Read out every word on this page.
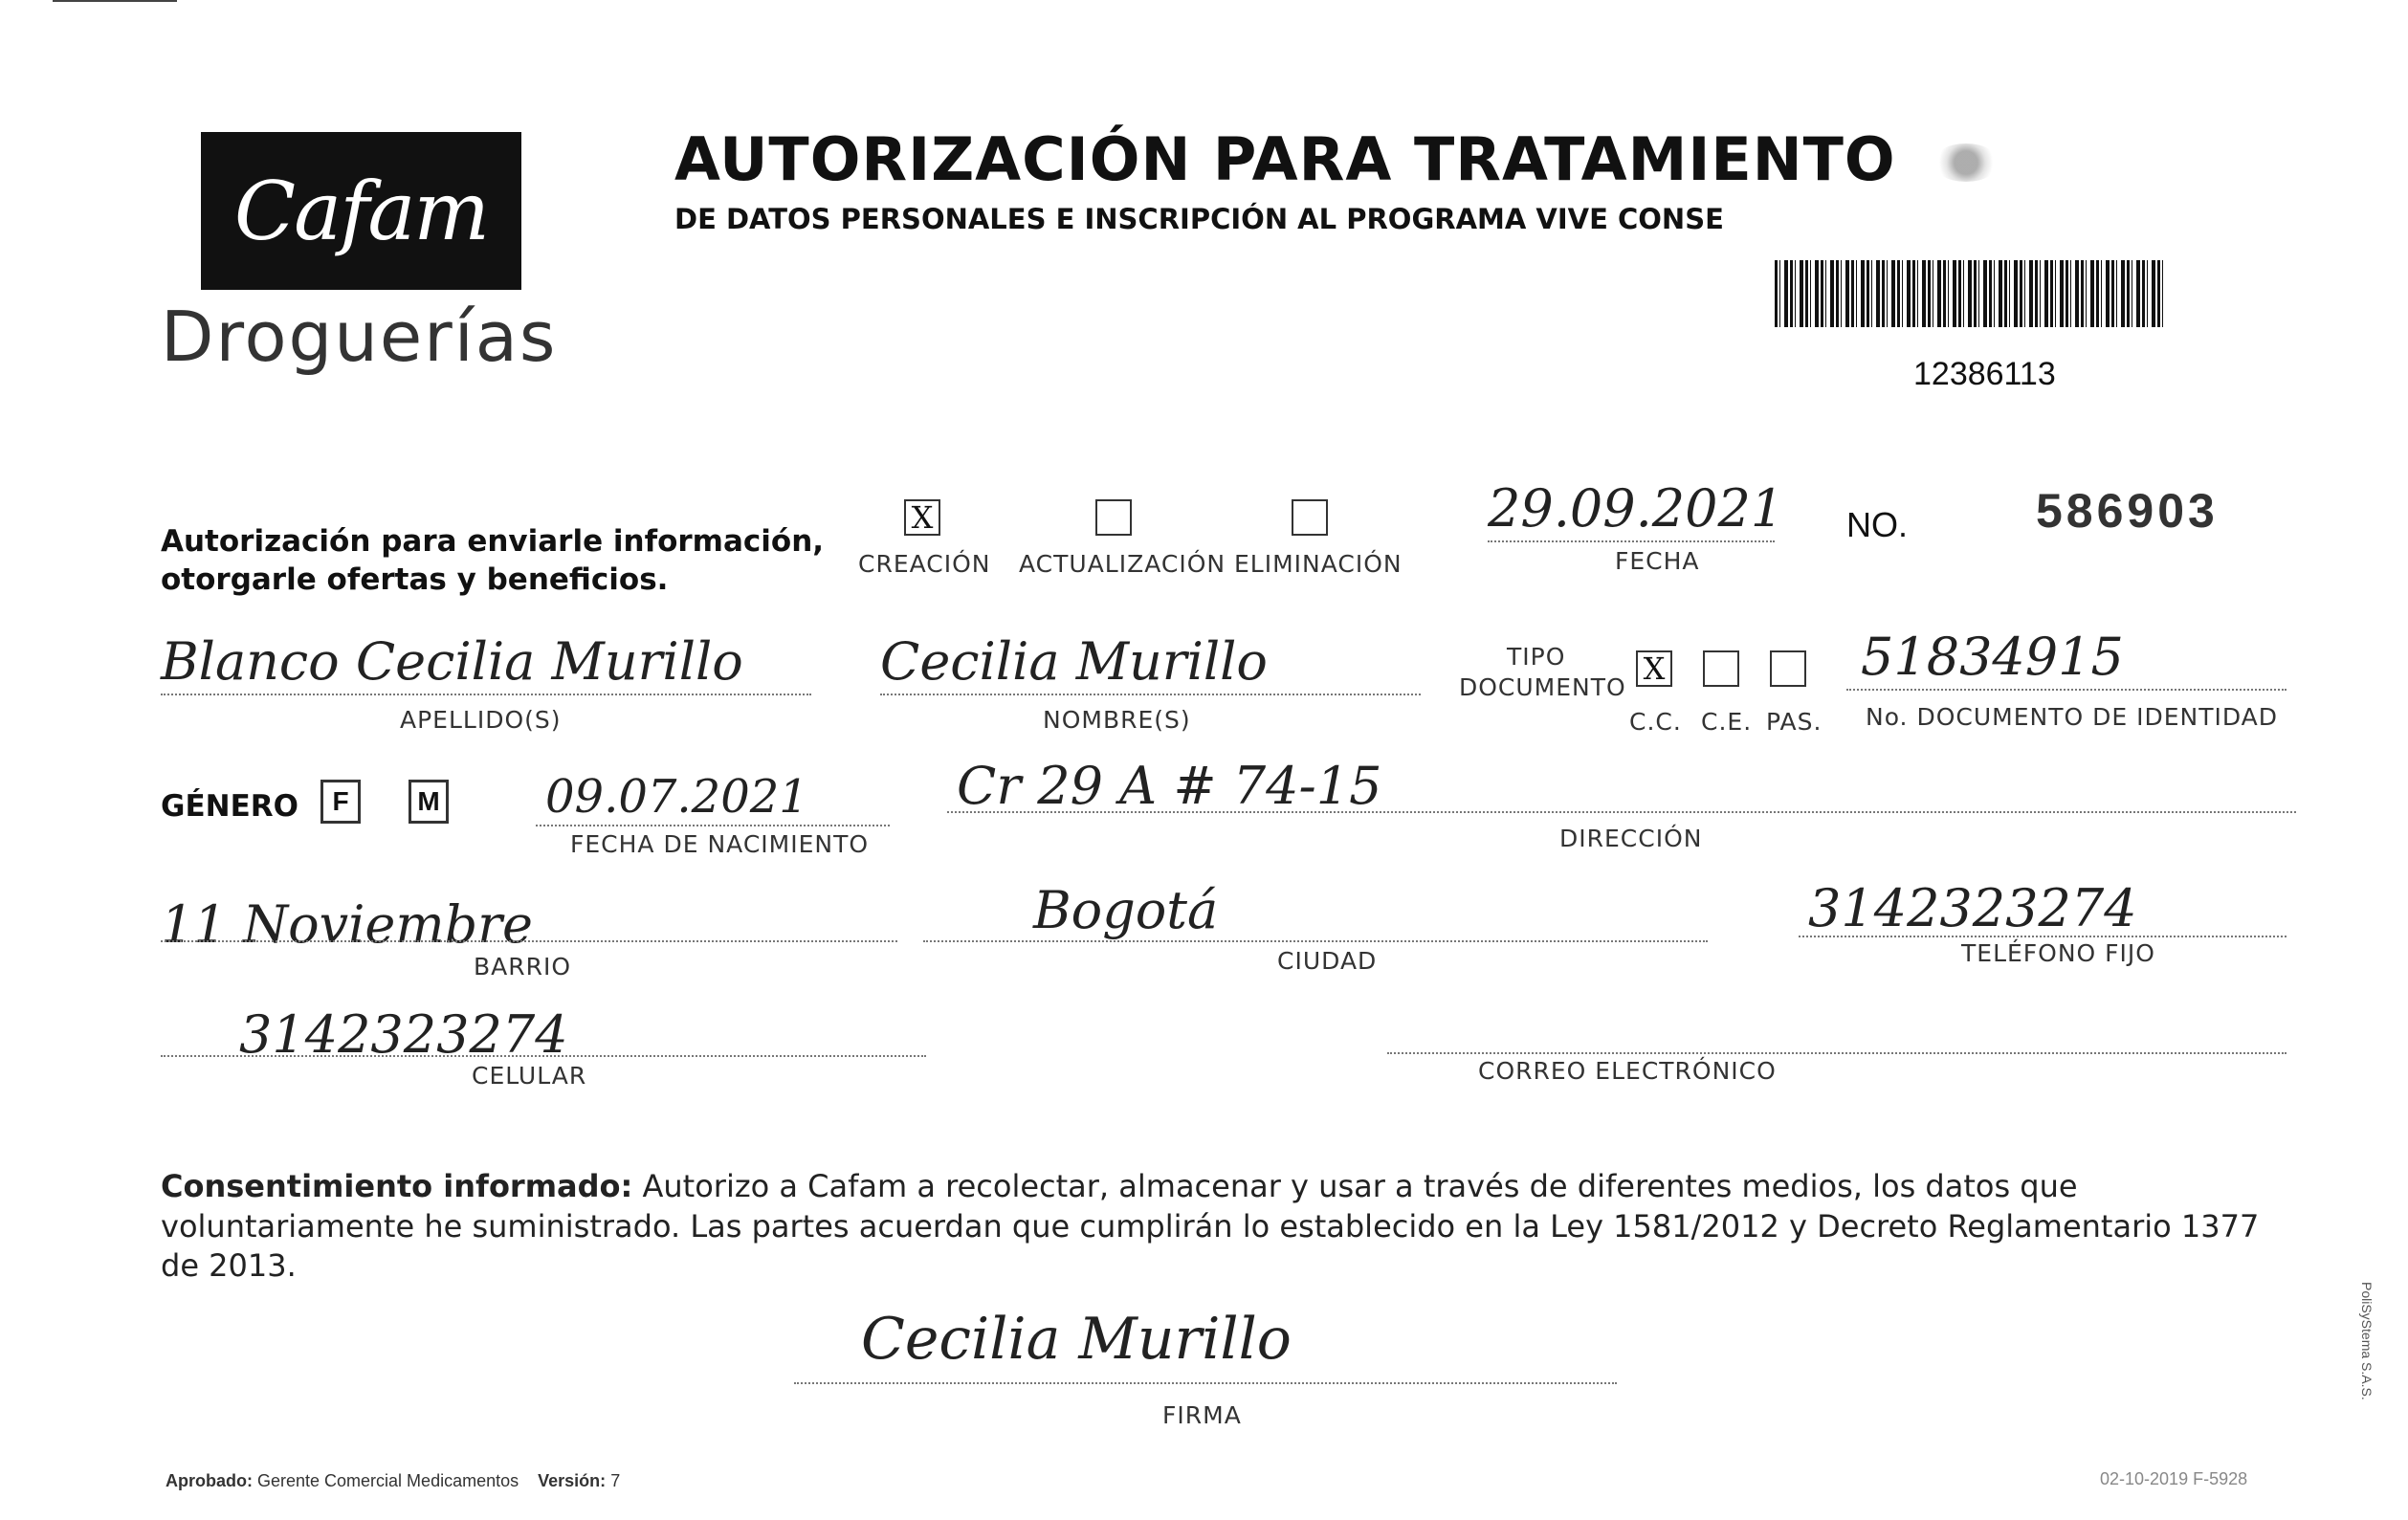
Cafam
Droguerías
AUTORIZACIÓN PARA TRATAMIENTO
DE DATOS PERSONALES E INSCRIPCIÓN AL PROGRAMA VIVE CONSE
12386113
Autorización para enviarle información,
otorgarle ofertas y beneficios.
X
CREACIÓN ACTUALIZACIÓN ELIMINACIÓN
29.09.2021
FECHA
NO.	586903
Blanco Cecilia Murillo
APELLIDO(S)
Cecilia Murillo
NOMBRE(S)
TIPO
DOCUMENTO
X
C.C. C.E. PAS.
51834915
No. DOCUMENTO DE IDENTIDAD
GÉNERO	F	M 09.07.2021
FECHA DE NACIMIENTO
Cr 29 A # 74-15
DIRECCIÓN
11 Noviembre
BARRIO
Bogotá
CIUDAD
3142323274
TELÉFONO FIJO
3142323274
CELULAR	CORREO ELECTRÓNICO
Consentimiento informado: Autorizo a Cafam a recolectar, almacenar y usar a través de diferentes medios, los datos que voluntariamente he suministrado. Las partes acuerdan que cumplirán lo establecido en la Ley 1581/2012 y Decreto Reglamentario 1377 de 2013.
Cecilia Murillo
FIRMA
Aprobado: Gerente Comercial Medicamentos Versión: 7	02-10-2019 F-5928
PoliSyStema S.A.S.
